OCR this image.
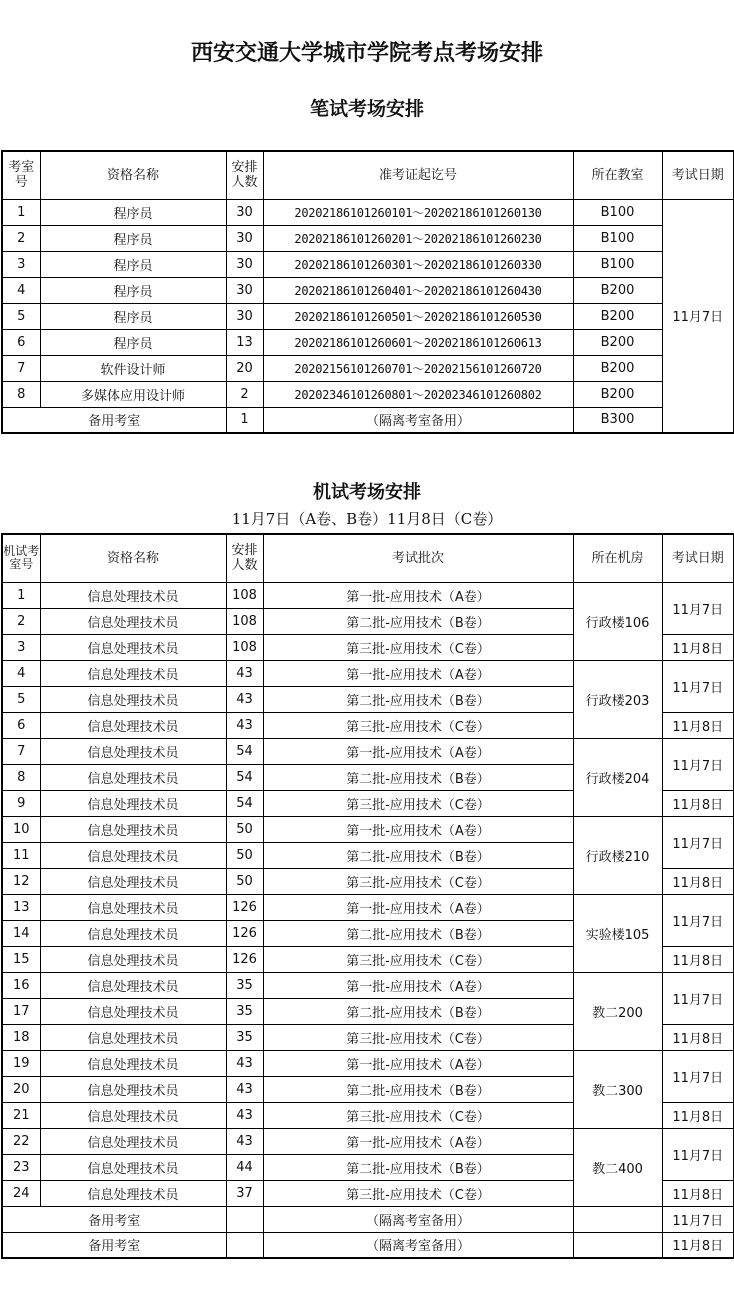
西安交通大学城市学院考点考场安排
笔试考场安排
考室号	资格名称	安排人数	准考证起讫号	所在教室	考试日期
1	程序员	30	20202186101260101～20202186101260130	B100	11月7日
2	程序员	30	20202186101260201～20202186101260230	B100	
3	程序员	30	20202186101260301～20202186101260330	B100	
4	程序员	30	20202186101260401～20202186101260430	B200	
5	程序员	30	20202186101260501～20202186101260530	B200	
6	程序员	13	20202186101260601～20202186101260613	B200	
7	软件设计师	20	20202156101260701～20202156101260720	B200	
8	多媒体应用设计师	2	20202346101260801～20202346101260802	B200	
备用考室		1	（隔离考室备用）	B300	
机试考场安排
11月7日（A卷、B卷）11月8日（C卷）
机试考室号	资格名称	安排人数	考试批次	所在机房	考试日期
1	信息处理技术员	108	第一批-应用技术（A卷）	行政楼106	11月7日
2	信息处理技术员	108	第二批-应用技术（B卷）		
3	信息处理技术员	108	第三批-应用技术（C卷）		11月8日
4	信息处理技术员	43	第一批-应用技术（A卷）	行政楼203	11月7日
5	信息处理技术员	43	第二批-应用技术（B卷）		
6	信息处理技术员	43	第三批-应用技术（C卷）		11月8日
7	信息处理技术员	54	第一批-应用技术（A卷）	行政楼204	11月7日
8	信息处理技术员	54	第二批-应用技术（B卷）		
9	信息处理技术员	54	第三批-应用技术（C卷）		11月8日
10	信息处理技术员	50	第一批-应用技术（A卷）	行政楼210	11月7日
11	信息处理技术员	50	第二批-应用技术（B卷）		
12	信息处理技术员	50	第三批-应用技术（C卷）		11月8日
13	信息处理技术员	126	第一批-应用技术（A卷）	实验楼105	11月7日
14	信息处理技术员	126	第二批-应用技术（B卷）		
15	信息处理技术员	126	第三批-应用技术（C卷）		11月8日
16	信息处理技术员	35	第一批-应用技术（A卷）	教二200	11月7日
17	信息处理技术员	35	第二批-应用技术（B卷）		
18	信息处理技术员	35	第三批-应用技术（C卷）		11月8日
19	信息处理技术员	43	第一批-应用技术（A卷）	教二300	11月7日
20	信息处理技术员	43	第二批-应用技术（B卷）		
21	信息处理技术员	43	第三批-应用技术（C卷）		11月8日
22	信息处理技术员	43	第一批-应用技术（A卷）	教二400	11月7日
23	信息处理技术员	44	第二批-应用技术（B卷）		
24	信息处理技术员	37	第三批-应用技术（C卷）		11月8日
备用考室			（隔离考室备用）		11月7日
备用考室			（隔离考室备用）		11月8日
